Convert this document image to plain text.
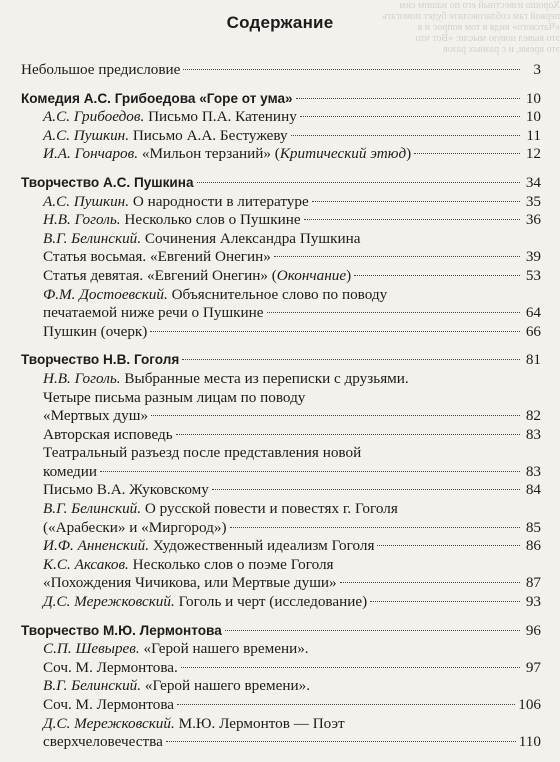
Хорошо известный его по нашим сим
первой гам соблаговолите будет помогать
«Чатского» видя в том вопрос и в
это вывел новую мысли: «Вот что
это время, и с разных разов
Содержание
Небольшое предисловие	3
Комедия А.С. Грибоедова «Горе от ума»	10
А.С. Грибоедов. Письмо П.А. Катенину	10
А.С. Пушкин. Письмо А.А. Бестужеву	11
И.А. Гончаров. «Мильон терзаний» (Критический этюд)	12
Творчество А.С. Пушкина	34
А.С. Пушкин. О народности в литературе	35
Н.В. Гоголь. Несколько слов о Пушкине	36
В.Г. Белинский. Сочинения Александра Пушкина
Статья восьмая. «Евгений Онегин»	39
Статья девятая. «Евгений Онегин» (Окончание)	53
Ф.М. Достоевский. Объяснительное слово по поводу
печатаемой ниже речи о Пушкине	64
Пушкин (очерк)	66
Творчество Н.В. Гоголя	81
Н.В. Гоголь. Выбранные места из переписки с друзьями.
Четыре письма разным лицам по поводу
«Мертвых душ»	82
Авторская исповедь	83
Театральный разъезд после представления новой
комедии	83
Письмо В.А. Жуковскому	84
В.Г. Белинский. О русской повести и повестях г. Гоголя
(«Арабески» и «Миргород»)	85
И.Ф. Анненский. Художественный идеализм Гоголя	86
К.С. Аксаков. Несколько слов о поэме Гоголя
«Похождения Чичикова, или Мертвые души»	87
Д.С. Мережковский. Гоголь и черт (исследование)	93
Творчество М.Ю. Лермонтова	96
С.П. Шевырев. «Герой нашего времени».
Соч. М. Лермонтова.	97
В.Г. Белинский. «Герой нашего времени».
Соч. М. Лермонтова	106
Д.С. Мережковский. М.Ю. Лермонтов — Поэт
сверхчеловечества	110
